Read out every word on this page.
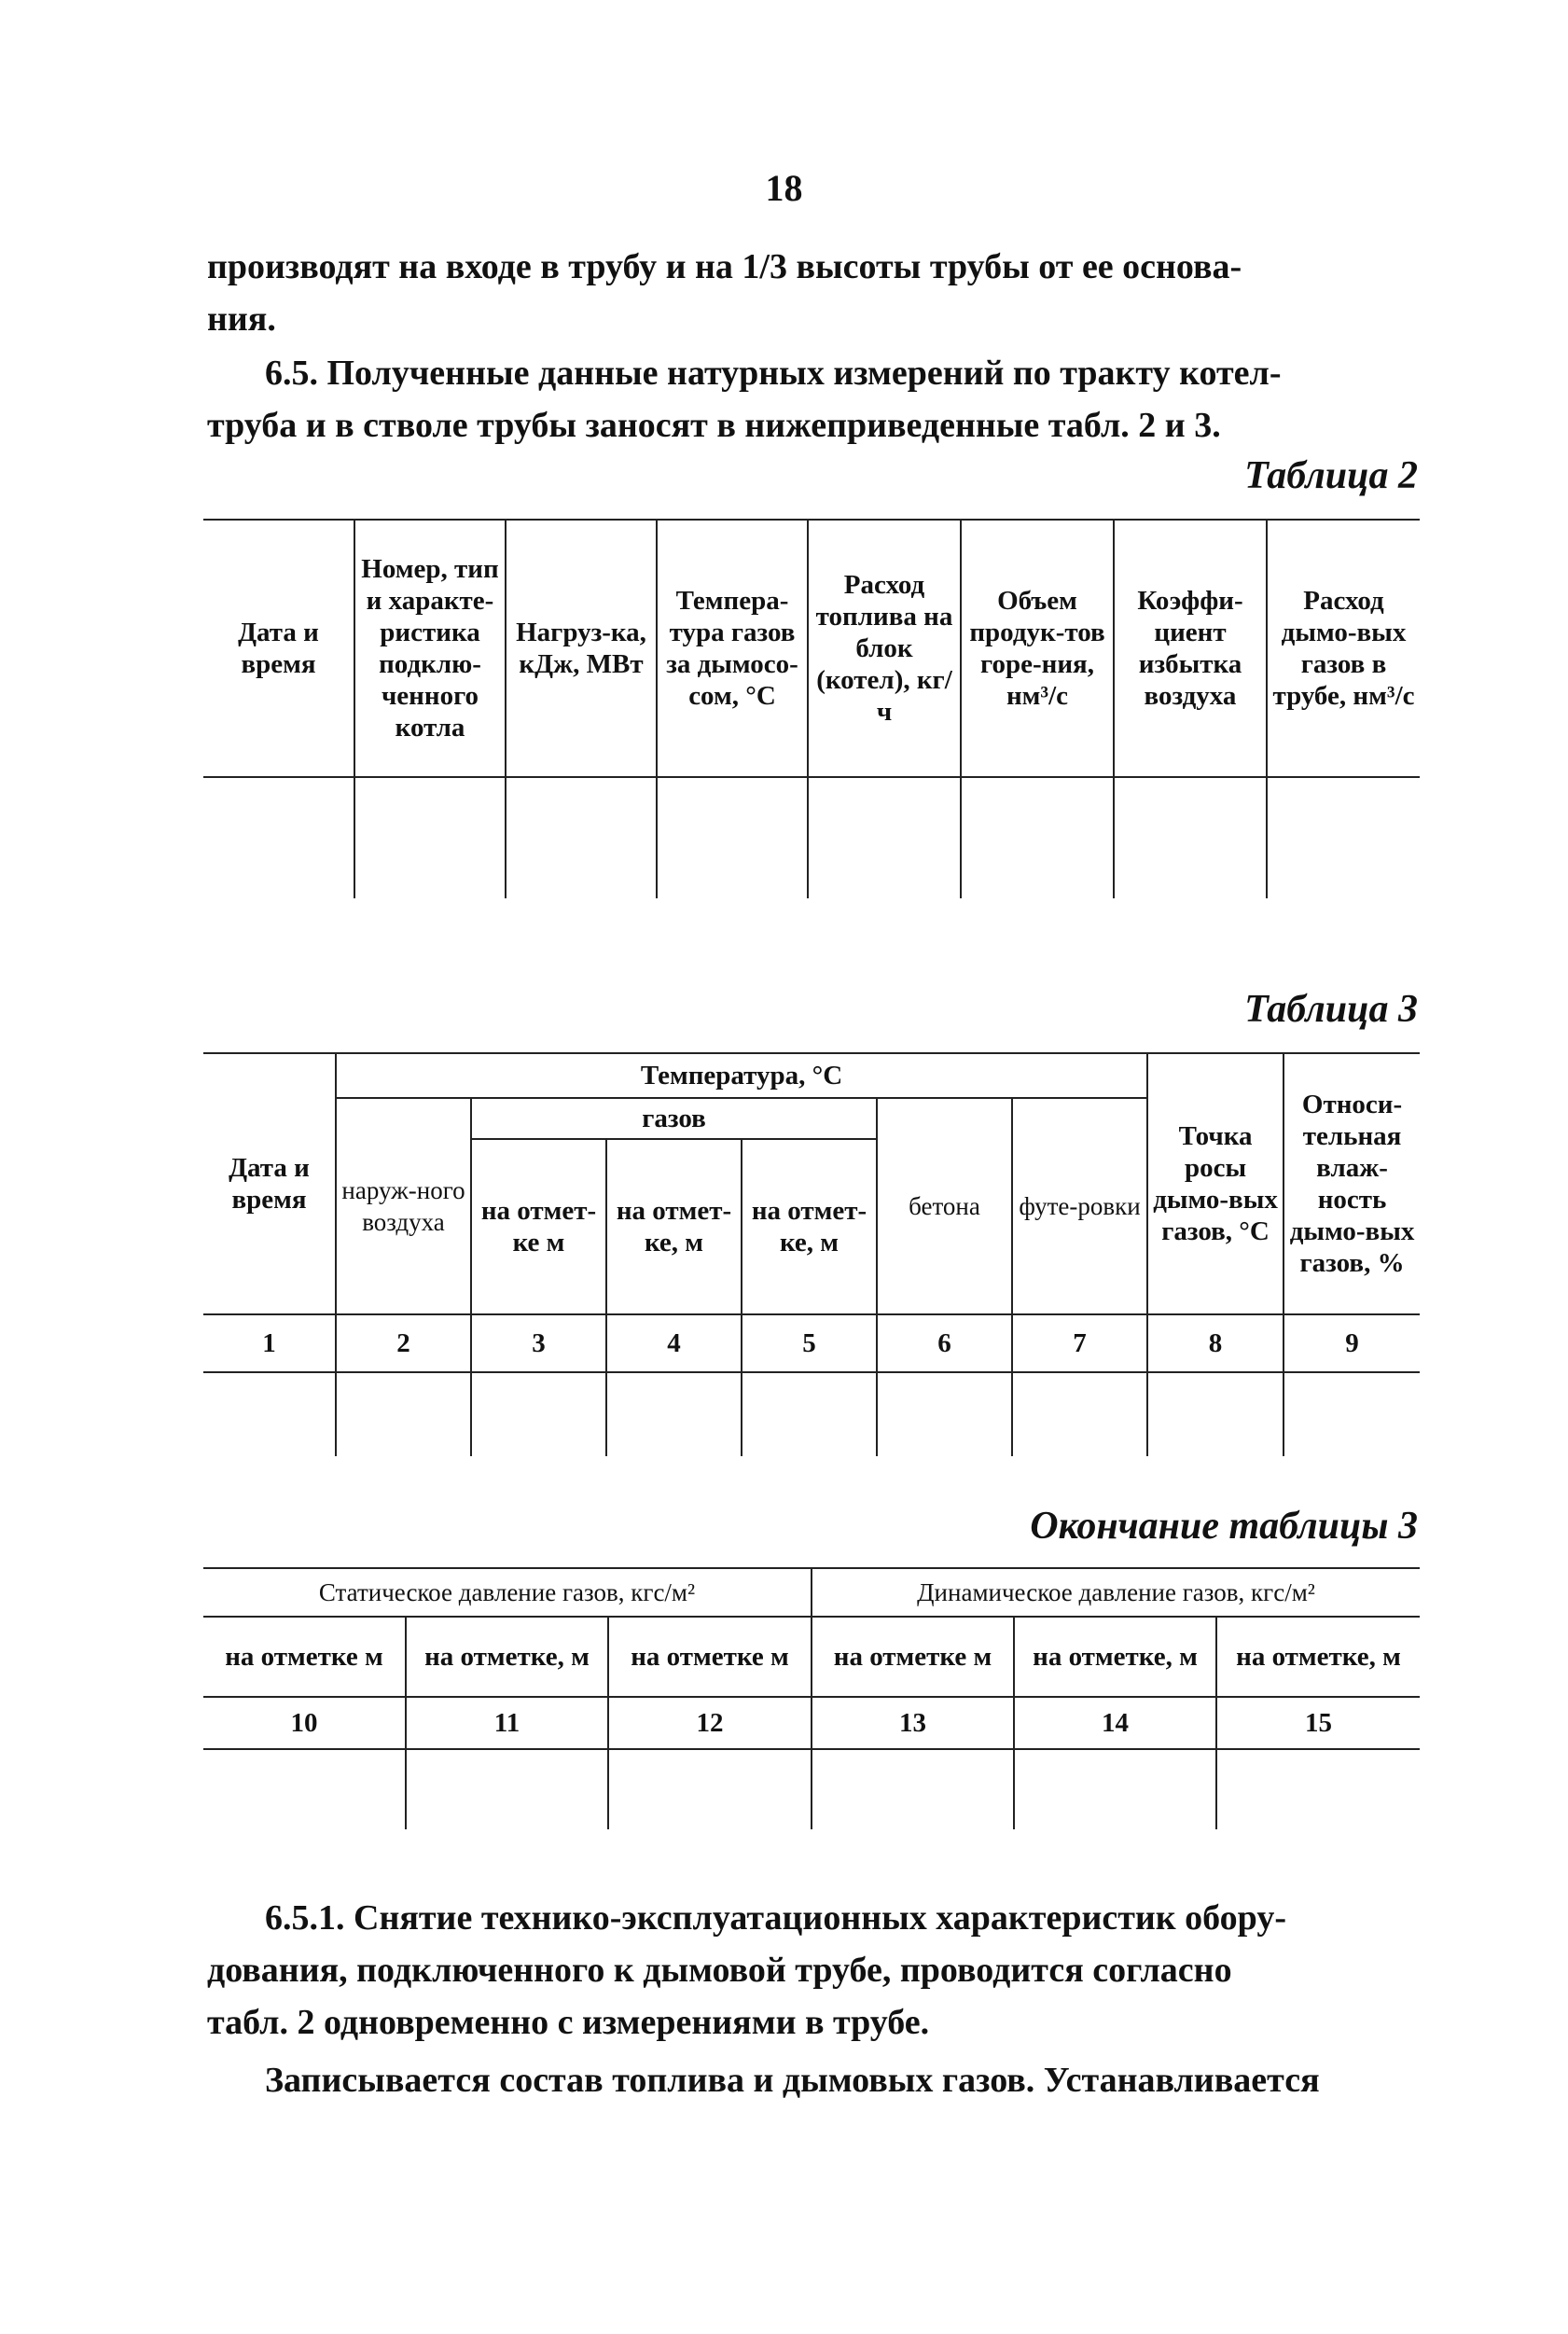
18
производят на входе в трубу и на 1/3 высоты трубы от ее основа-
ния.
6.5. Полученные данные натурных измерений по тракту котел-
труба и в стволе трубы заносят в нижеприведенные табл. 2 и 3.
Таблица 2
Дата и время	Номер, тип и характе-ристика подклю-ченного котла	Нагруз-ка, кДж, МВт	Темпера-тура газов за дымосо-сом, °С	Расход топлива на блок (котел), кг/ч	Объем продук-тов горе-ния, нм³/с	Коэффи-циент избытка воздуха	Расход дымо-вых газов в трубе, нм³/с

Таблица 3
Дата и время	Температура, °С						Точка росы дымо-вых газов, °С	Относи-тельная влаж-ность дымо-вых газов, %
	наруж-ного воздуха	газов			бетона	футе-ровки		
		на отмет-ке м	на отмет-ке, м	на отмет-ке, м				
1	2	3	4	5	6	7	8	9

Окончание таблицы 3
Статическое давление газов, кгс/м²			Динамическое давление газов, кгс/м²		
на отметке м	на отметке, м	на отметке м	на отметке м	на отметке, м	на отметке, м
10	11	12	13	14	15

6.5.1. Снятие технико-эксплуатационных характеристик обору-
дования, подключенного к дымовой трубе, проводится согласно
табл. 2 одновременно с измерениями в трубе.
Записывается состав топлива и дымовых газов. Устанавливается
